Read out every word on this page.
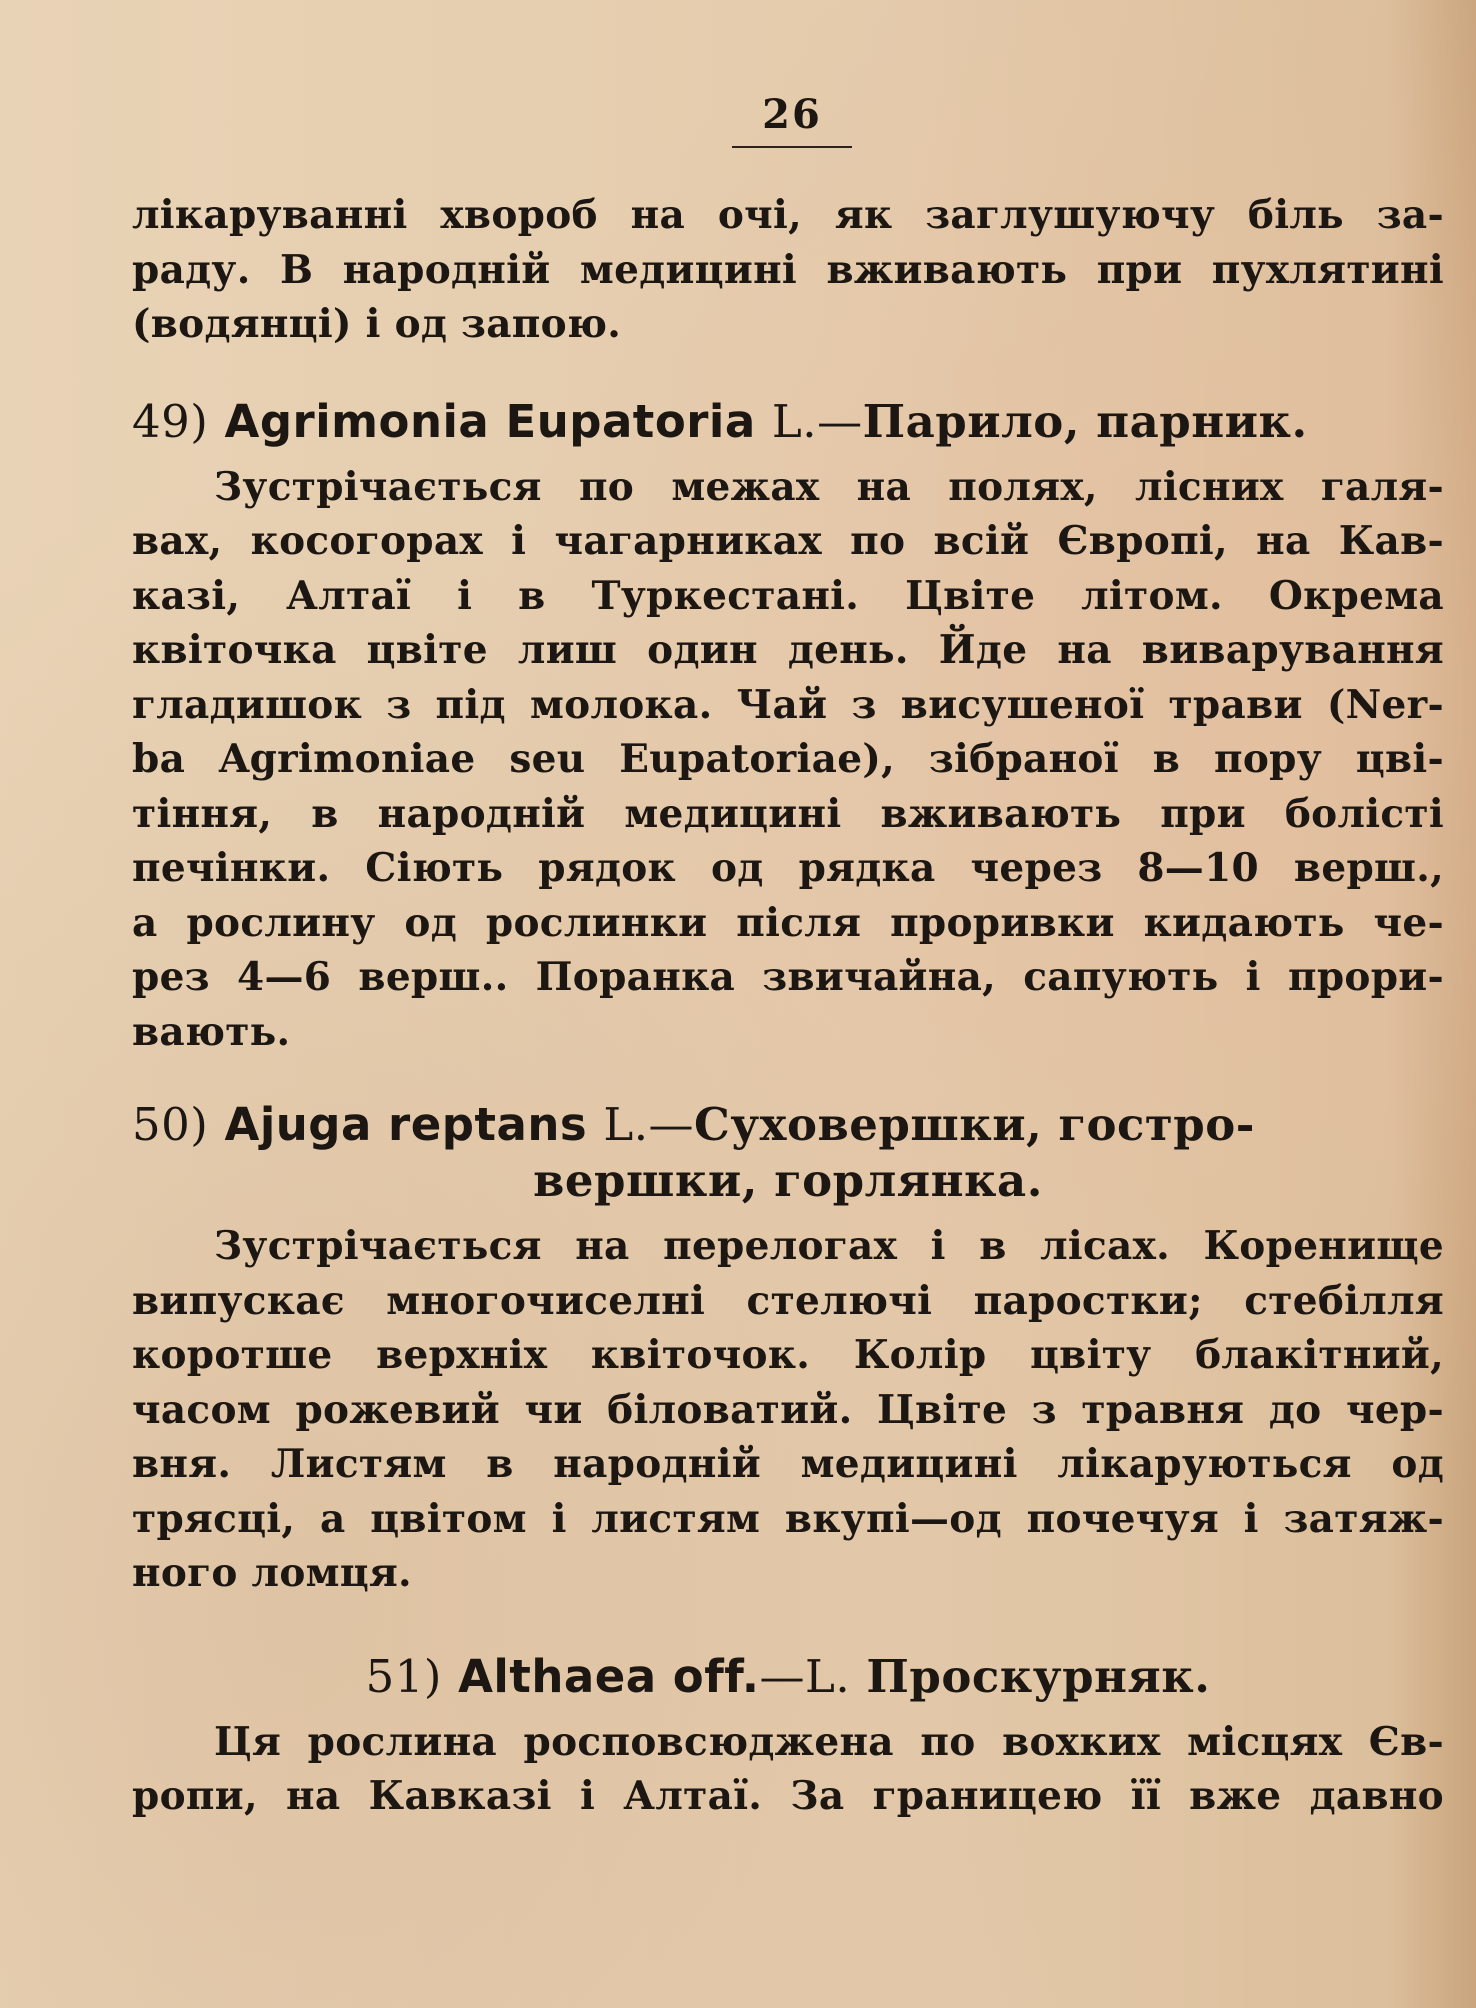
26

лікаруванні хвороб на очі, як заглушуючу біль за-
раду. В народній медицині вживають при пухлятині
(водянці) і од запою.

49) Agrimonia Eupatoria L.—Парило, парник.

Зустрічається по межах на полях, лісних галя-
вах, косогорах і чагарниках по всій Європі, на Кав-
казі, Алтаї і в Туркестані. Цвіте літом. Окрема
квіточка цвіте лиш один день. Йде на виварування
гладишок з під молока. Чай з висушеної трави (Ner-
ba Agrimoniae seu Eupatoriae), зібраної в пору цві-
тіння, в народній медицині вживають при болісті
печінки. Сіють рядок од рядка через 8—10 верш.,
а рослину од рослинки після проривки кидають че-
рез 4—6 верш.. Поранка звичайна, сапують і прори-
вають.

50) Ajuga reptans L.—Суховершки, гостро-
вершки, горлянка.

Зустрічається на перелогах і в лісах. Коренище
випускає многочиселні стелючі паростки; стебілля
коротше верхніх квіточок. Колір цвіту блакітний,
часом рожевий чи біловатий. Цвіте з травня до чер-
вня. Листям в народній медицині лікаруються од
трясці, а цвітом і листям вкупі—од почечуя і затяж-
ного ломця.

51) Althaea off.—L. Проскурняк.

Ця рослина росповсюджена по вохких місцях Єв-
ропи, на Кавказі і Алтаї. За границею її вже давно
